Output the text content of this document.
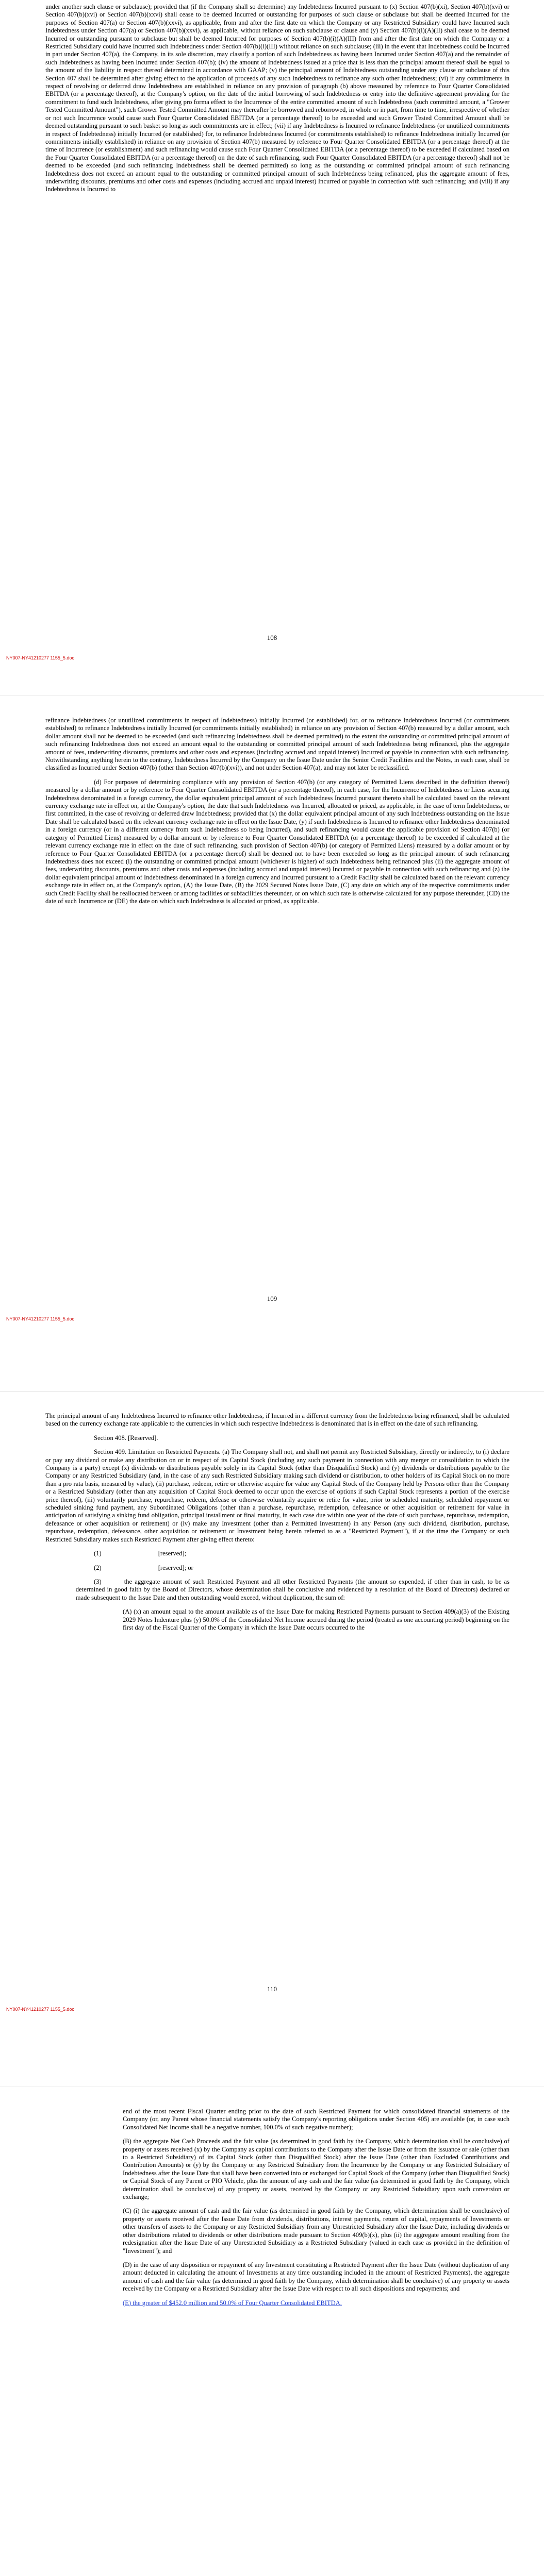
under another such clause or subclause); provided that (if the Company shall so determine) any Indebtedness Incurred pursuant to (x) Section 407(b)(xi), Section 407(b)(xvi) or Section 407(b)(xvi) or Section 407(b)(xxvi) shall cease to be deemed Incurred or outstanding for purposes of such clause or subclause but shall be deemed Incurred for the purposes of Section 407(a) or Section 407(b)(xxvi), as applicable, from and after the first date on which the Company or any Restricted Subsidiary could have Incurred such Indebtedness under Section 407(a) or Section 407(b)(xxvi), as applicable, without reliance on such subclause or clause and (y) Section 407(b)(i)(A)(II) shall cease to be deemed Incurred or outstanding pursuant to subclause but shall be deemed Incurred for purposes of Section 407(b)(i)(A)(III) from and after the first date on which the Company or a Restricted Subsidiary could have Incurred such Indebtedness under Section 407(b)(i)(III) without reliance on such subclause; (iii) in the event that Indebtedness could be Incurred in part under Section 407(a), the Company, in its sole discretion, may classify a portion of such Indebtedness as having been Incurred under Section 407(a) and the remainder of such Indebtedness as having been Incurred under Section 407(b); (iv) the amount of Indebtedness issued at a price that is less than the principal amount thereof shall be equal to the amount of the liability in respect thereof determined in accordance with GAAP; (v) the principal amount of Indebtedness outstanding under any clause or subclause of this Section 407 shall be determined after giving effect to the application of proceeds of any such Indebtedness to refinance any such other Indebtedness; (vi) if any commitments in respect of revolving or deferred draw Indebtedness are established in reliance on any provision of paragraph (b) above measured by reference to Four Quarter Consolidated EBITDA (or a percentage thereof), at the Company's option, on the date of the initial borrowing of such Indebtedness or entry into the definitive agreement providing for the commitment to fund such Indebtedness, after giving pro forma effect to the Incurrence of the entire committed amount of such Indebtedness (such committed amount, a "Grower Tested Committed Amount"), such Grower Tested Committed Amount may thereafter be borrowed and reborrowed, in whole or in part, from time to time, irrespective of whether or not such Incurrence would cause such Four Quarter Consolidated EBITDA (or a percentage thereof) to be exceeded and such Grower Tested Committed Amount shall be deemed outstanding pursuant to such basket so long as such commitments are in effect; (vii) if any Indebtedness is Incurred to refinance Indebtedness (or unutilized commitments in respect of Indebtedness) initially Incurred (or established) for, to refinance Indebtedness Incurred (or commitments established) to refinance Indebtedness initially Incurred (or commitments initially established) in reliance on any provision of Section 407(b) measured by reference to Four Quarter Consolidated EBITDA (or a percentage thereof) at the time of Incurrence (or establishment) and such refinancing would cause such Four Quarter Consolidated EBITDA (or a percentage thereof) to be exceeded if calculated based on the Four Quarter Consolidated EBITDA (or a percentage thereof) on the date of such refinancing, such Four Quarter Consolidated EBITDA (or a percentage thereof) shall not be deemed to be exceeded (and such refinancing Indebtedness shall be deemed permitted) so long as the outstanding or committed principal amount of such refinancing Indebtedness does not exceed an amount equal to the outstanding or committed principal amount of such Indebtedness being refinanced, plus the aggregate amount of fees, underwriting discounts, premiums and other costs and expenses (including accrued and unpaid interest) Incurred or payable in connection with such refinancing; and (viii) if any Indebtedness is Incurred to

108
NY007-NY41210277 1155_5.doc

refinance Indebtedness (or unutilized commitments in respect of Indebtedness) initially Incurred (or established) for, or to refinance Indebtedness Incurred (or commitments established) to refinance Indebtedness initially Incurred (or commitments initially established) in reliance on any provision of Section 407(b) measured by a dollar amount, such dollar amount shall not be deemed to be exceeded (and such refinancing Indebtedness shall be deemed permitted) to the extent the outstanding or committed principal amount of such refinancing Indebtedness does not exceed an amount equal to the outstanding or committed principal amount of such Indebtedness being refinanced, plus the aggregate amount of fees, underwriting discounts, premiums and other costs and expenses (including accrued and unpaid interest) Incurred or payable in connection with such refinancing. Notwithstanding anything herein to the contrary, Indebtedness Incurred by the Company on the Issue Date under the Senior Credit Facilities and the Notes, in each case, shall be classified as Incurred under Section 407(b) (other than Section 407(b)(xvi)), and not under Section 407(a), and may not later be reclassified.

(d) For purposes of determining compliance with any provision of Section 407(b) (or any category of Permitted Liens described in the definition thereof) measured by a dollar amount or by reference to Four Quarter Consolidated EBITDA (or a percentage thereof), in each case, for the Incurrence of Indebtedness or Liens securing Indebtedness denominated in a foreign currency, the dollar equivalent principal amount of such Indebtedness Incurred pursuant thereto shall be calculated based on the relevant currency exchange rate in effect on, at the Company's option, the date that such Indebtedness was Incurred, allocated or priced, as applicable, in the case of term Indebtedness, or first committed, in the case of revolving or deferred draw Indebtedness; provided that (x) the dollar equivalent principal amount of any such Indebtedness outstanding on the Issue Date shall be calculated based on the relevant currency exchange rate in effect on the Issue Date, (y) if such Indebtedness is Incurred to refinance other Indebtedness denominated in a foreign currency (or in a different currency from such Indebtedness so being Incurred), and such refinancing would cause the applicable provision of Section 407(b) (or category of Permitted Liens) measured by a dollar amount or by reference to Four Quarter Consolidated EBITDA (or a percentage thereof) to be exceeded if calculated at the relevant currency exchange rate in effect on the date of such refinancing, such provision of Section 407(b) (or category of Permitted Liens) measured by a dollar amount or by reference to Four Quarter Consolidated EBITDA (or a percentage thereof) shall be deemed not to have been exceeded so long as the principal amount of such refinancing Indebtedness does not exceed (i) the outstanding or committed principal amount (whichever is higher) of such Indebtedness being refinanced plus (ii) the aggregate amount of fees, underwriting discounts, premiums and other costs and expenses (including accrued and unpaid interest) Incurred or payable in connection with such refinancing and (z) the dollar equivalent principal amount of Indebtedness denominated in a foreign currency and Incurred pursuant to a Credit Facility shall be calculated based on the relevant currency exchange rate in effect on, at the Company's option, (A) the Issue Date, (B) the 2029 Secured Notes Issue Date, (C) any date on which any of the respective commitments under such Credit Facility shall be reallocated between or among facilities or subfacilities thereunder, or on which such rate is otherwise calculated for any purpose thereunder, (CD) the date of such Incurrence or (DE) the date on which such Indebtedness is allocated or priced, as applicable.

109
NY007-NY41210277 1155_5.doc

The principal amount of any Indebtedness Incurred to refinance other Indebtedness, if Incurred in a different currency from the Indebtedness being refinanced, shall be calculated based on the currency exchange rate applicable to the currencies in which such respective Indebtedness is denominated that is in effect on the date of such refinancing.

Section 408. [Reserved].

Section 409. Limitation on Restricted Payments. (a) The Company shall not, and shall not permit any Restricted Subsidiary, directly or indirectly, to (i) declare or pay any dividend or make any distribution on or in respect of its Capital Stock (including any such payment in connection with any merger or consolidation to which the Company is a party) except (x) dividends or distributions payable solely in its Capital Stock (other than Disqualified Stock) and (y) dividends or distributions payable to the Company or any Restricted Subsidiary (and, in the case of any such Restricted Subsidiary making such dividend or distribution, to other holders of its Capital Stock on no more than a pro rata basis, measured by value), (ii) purchase, redeem, retire or otherwise acquire for value any Capital Stock of the Company held by Persons other than the Company or a Restricted Subsidiary (other than any acquisition of Capital Stock deemed to occur upon the exercise of options if such Capital Stock represents a portion of the exercise price thereof), (iii) voluntarily purchase, repurchase, redeem, defease or otherwise voluntarily acquire or retire for value, prior to scheduled maturity, scheduled repayment or scheduled sinking fund payment, any Subordinated Obligations (other than a purchase, repurchase, redemption, defeasance or other acquisition or retirement for value in anticipation of satisfying a sinking fund obligation, principal installment or final maturity, in each case due within one year of the date of such purchase, repurchase, redemption, defeasance or other acquisition or retirement) or (iv) make any Investment (other than a Permitted Investment) in any Person (any such dividend, distribution, purchase, repurchase, redemption, defeasance, other acquisition or retirement or Investment being herein referred to as a "Restricted Payment"), if at the time the Company or such Restricted Subsidiary makes such Restricted Payment after giving effect thereto:

(1)	[reserved];
(2)	[reserved]; or
(3)	the aggregate amount of such Restricted Payment and all other Restricted Payments (the amount so expended, if other than in cash, to be as determined in good faith by the Board of Directors, whose determination shall be conclusive and evidenced by a resolution of the Board of Directors) declared or made subsequent to the Issue Date and then outstanding would exceed, without duplication, the sum of:

(A) (x) an amount equal to the amount available as of the Issue Date for making Restricted Payments pursuant to Section 409(a)(3) of the Existing 2029 Notes Indenture plus (y) 50.0% of the Consolidated Net Income accrued during the period (treated as one accounting period) beginning on the first day of the Fiscal Quarter of the Company in which the Issue Date occurs occurred to the

110
NY007-NY41210277 1155_5.doc

end of the most recent Fiscal Quarter ending prior to the date of such Restricted Payment for which consolidated financial statements of the Company (or, any Parent whose financial statements satisfy the Company's reporting obligations under Section 405) are available (or, in case such Consolidated Net Income shall be a negative number, 100.0% of such negative number);

(B) the aggregate Net Cash Proceeds and the fair value (as determined in good faith by the Company, which determination shall be conclusive) of property or assets received (x) by the Company as capital contributions to the Company after the Issue Date or from the issuance or sale (other than to a Restricted Subsidiary) of its Capital Stock (other than Disqualified Stock) after the Issue Date (other than Excluded Contributions and Contribution Amounts) or (y) by the Company or any Restricted Subsidiary from the Incurrence by the Company or any Restricted Subsidiary of Indebtedness after the Issue Date that shall have been converted into or exchanged for Capital Stock of the Company (other than Disqualified Stock) or Capital Stock of any Parent or PIO Vehicle, plus the amount of any cash and the fair value (as determined in good faith by the Company, which determination shall be conclusive) of any property or assets, received by the Company or any Restricted Subsidiary upon such conversion or exchange;

(C) (i) the aggregate amount of cash and the fair value (as determined in good faith by the Company, which determination shall be conclusive) of property or assets received after the Issue Date from dividends, distributions, interest payments, return of capital, repayments of Investments or other transfers of assets to the Company or any Restricted Subsidiary from any Unrestricted Subsidiary after the Issue Date, including dividends or other distributions related to dividends or other distributions made pursuant to Section 409(b)(x), plus (ii) the aggregate amount resulting from the redesignation after the Issue Date of any Unrestricted Subsidiary as a Restricted Subsidiary (valued in each case as provided in the definition of "Investment"); and

(D) in the case of any disposition or repayment of any Investment constituting a Restricted Payment after the Issue Date (without duplication of any amount deducted in calculating the amount of Investments at any time outstanding included in the amount of Restricted Payments), the aggregate amount of cash and the fair value (as determined in good faith by the Company, which determination shall be conclusive) of any property or assets received by the Company or a Restricted Subsidiary after the Issue Date with respect to all such dispositions and repayments; and

(E) the greater of $452.0 million and 50.0% of Four Quarter Consolidated EBITDA.
